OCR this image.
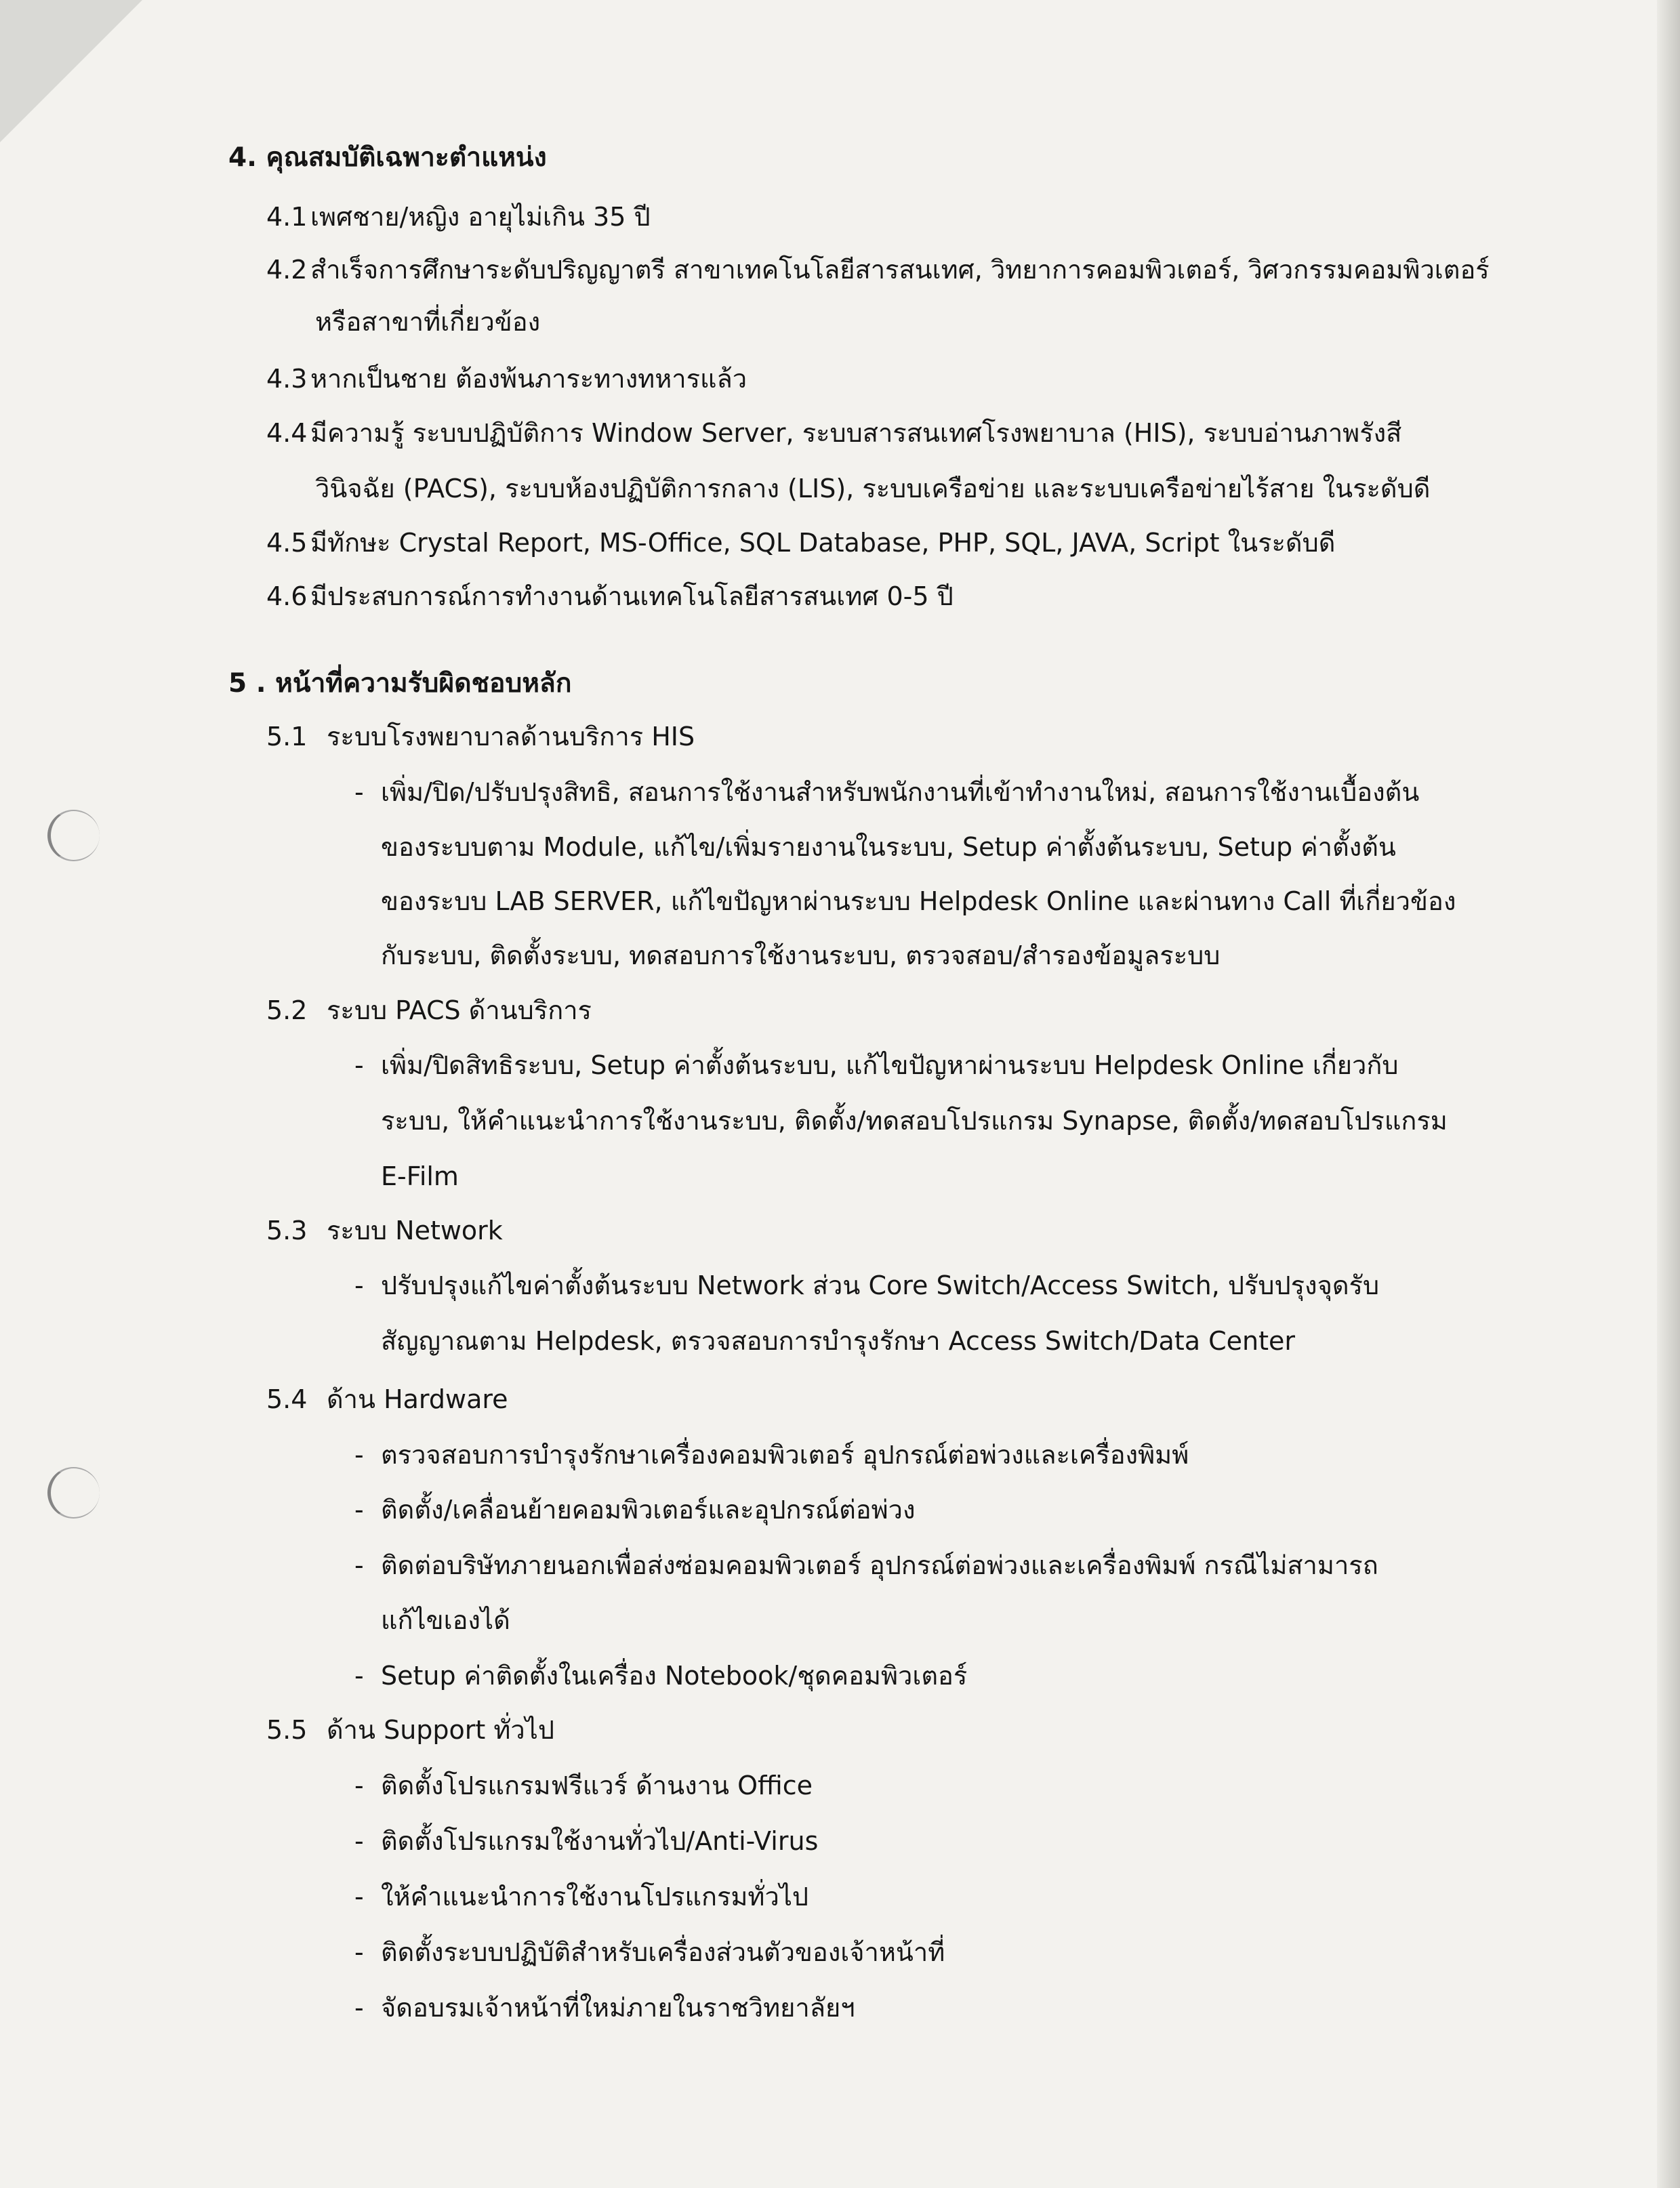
4. คุณสมบัติเฉพาะตำแหน่ง
4.1 เพศชาย/หญิง อายุไม่เกิน 35 ปี
4.2 สำเร็จการศึกษาระดับปริญญาตรี สาขาเทคโนโลยีสารสนเทศ, วิทยาการคอมพิวเตอร์, วิศวกรรมคอมพิวเตอร์
หรือสาขาที่เกี่ยวข้อง
4.3 หากเป็นชาย ต้องพ้นภาระทางทหารแล้ว
4.4 มีความรู้ ระบบปฏิบัติการ Window Server, ระบบสารสนเทศโรงพยาบาล (HIS), ระบบอ่านภาพรังสี
วินิจฉัย (PACS), ระบบห้องปฏิบัติการกลาง (LIS), ระบบเครือข่าย และระบบเครือข่ายไร้สาย ในระดับดี
4.5 มีทักษะ Crystal Report, MS-Office, SQL Database, PHP, SQL, JAVA, Script ในระดับดี
4.6 มีประสบการณ์การทำงานด้านเทคโนโลยีสารสนเทศ 0-5 ปี
5 . หน้าที่ความรับผิดชอบหลัก
5.1 ระบบโรงพยาบาลด้านบริการ HIS
- เพิ่ม/ปิด/ปรับปรุงสิทธิ, สอนการใช้งานสำหรับพนักงานที่เข้าทำงานใหม่, สอนการใช้งานเบื้องต้น
ของระบบตาม Module, แก้ไข/เพิ่มรายงานในระบบ, Setup ค่าตั้งต้นระบบ, Setup ค่าตั้งต้น
ของระบบ LAB SERVER, แก้ไขปัญหาผ่านระบบ Helpdesk Online และผ่านทาง Call ที่เกี่ยวข้อง
กับระบบ, ติดตั้งระบบ, ทดสอบการใช้งานระบบ, ตรวจสอบ/สำรองข้อมูลระบบ
5.2 ระบบ PACS ด้านบริการ
- เพิ่ม/ปิดสิทธิระบบ, Setup ค่าตั้งต้นระบบ, แก้ไขปัญหาผ่านระบบ Helpdesk Online เกี่ยวกับ
ระบบ, ให้คำแนะนำการใช้งานระบบ, ติดตั้ง/ทดสอบโปรแกรม Synapse, ติดตั้ง/ทดสอบโปรแกรม
E-Film
5.3 ระบบ Network
- ปรับปรุงแก้ไขค่าตั้งต้นระบบ Network ส่วน Core Switch/Access Switch, ปรับปรุงจุดรับ
สัญญาณตาม Helpdesk, ตรวจสอบการบำรุงรักษา Access Switch/Data Center
5.4 ด้าน Hardware
- ตรวจสอบการบำรุงรักษาเครื่องคอมพิวเตอร์ อุปกรณ์ต่อพ่วงและเครื่องพิมพ์
- ติดตั้ง/เคลื่อนย้ายคอมพิวเตอร์และอุปกรณ์ต่อพ่วง
- ติดต่อบริษัทภายนอกเพื่อส่งซ่อมคอมพิวเตอร์ อุปกรณ์ต่อพ่วงและเครื่องพิมพ์ กรณีไม่สามารถ
แก้ไขเองได้
- Setup ค่าติดตั้งในเครื่อง Notebook/ชุดคอมพิวเตอร์
5.5 ด้าน Support ทั่วไป
- ติดตั้งโปรแกรมฟรีแวร์ ด้านงาน Office
- ติดตั้งโปรแกรมใช้งานทั่วไป/Anti-Virus
- ให้คำแนะนำการใช้งานโปรแกรมทั่วไป
- ติดตั้งระบบปฏิบัติสำหรับเครื่องส่วนตัวของเจ้าหน้าที่
- จัดอบรมเจ้าหน้าที่ใหม่ภายในราชวิทยาลัยฯ
